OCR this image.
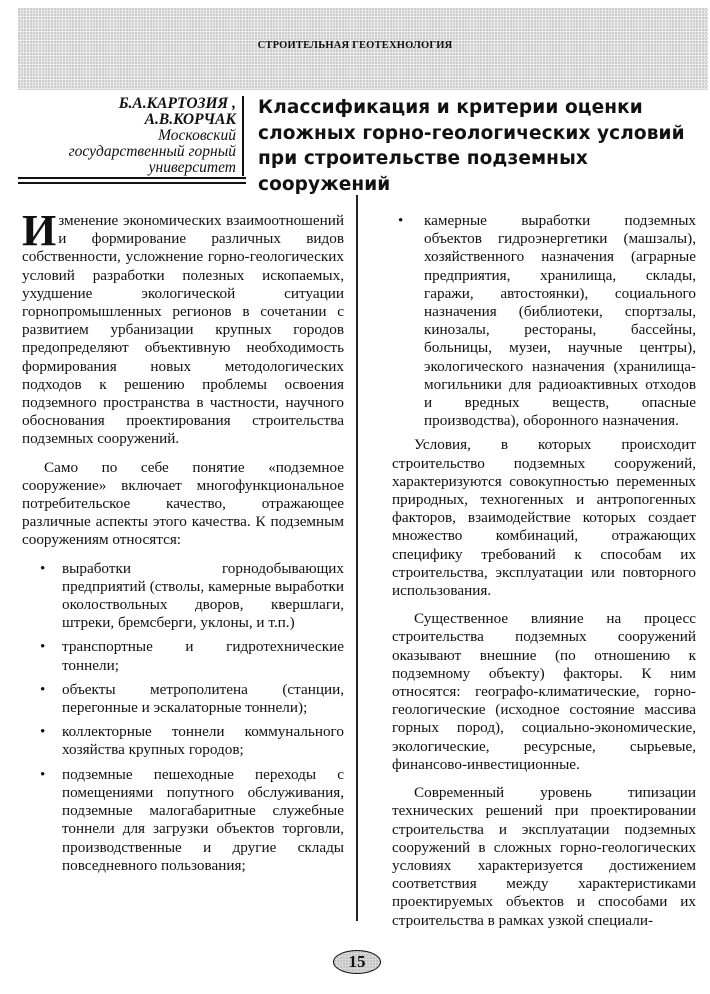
СТРОИТЕЛЬНАЯ ГЕОТЕХНОЛОГИЯ
Б.А.КАРТОЗИЯ ,
А.В.КОРЧАК
Московский
государственный горный
университет
Классификация и критерии оценки
сложных горно-геологических условий
при строительстве подземных
сооружений

Изменение экономических взаимоотношений и формирование различных видов собственности, усложнение горно-геологических условий разработки полезных ископаемых, ухудшение экологической ситуации горнопромышленных регионов в сочетании с развитием урбанизации крупных городов предопределяют объективную необходимость формирования новых методологических подходов к решению проблемы освоения подземного пространства в частности, научного обоснования проектирования строительства подземных сооружений.

Само по себе понятие «подземное сооружение» включает многофункциональное потребительское качество, отражающее различные аспекты этого качества. К подземным сооружениям относятся:

• выработки горнодобывающих предприятий (стволы, камерные выработки околоствольных дворов, квершлаги, штреки, бремсберги, уклоны, и т.п.)
• транспортные и гидротехнические тоннели;
• объекты метрополитена (станции, перегонные и эскалаторные тоннели);
• коллекторные тоннели коммунального хозяйства крупных городов;
• подземные пешеходные переходы с помещениями попутного обслуживания, подземные малогабаритные служебные тоннели для загрузки объектов торговли, производственные и другие склады повседневного пользования;
• камерные выработки подземных объектов гидроэнергетики (машзалы), хозяйственного назначения (аграрные предприятия, хранилища, склады, гаражи, автостоянки), социального назначения (библиотеки, спортзалы, кинозалы, рестораны, бассейны, больницы, музеи, научные центры), экологического назначения (хранилища-могильники для радиоактивных отходов и вредных веществ, опасные производства), оборонного назначения.

Условия, в которых происходит строительство подземных сооружений, характеризуются совокупностью переменных природных, техногенных и антропогенных факторов, взаимодействие которых создает множество комбинаций, отражающих специфику требований к способам их строительства, эксплуатации или повторного использования.

Существенное влияние на процесс строительства подземных сооружений оказывают внешние (по отношению к подземному объекту) факторы. К ним относятся: географо-климатические, горно-геологические (исходное состояние массива горных пород), социально-экономические, экологические, ресурсные, сырьевые, финансово-инвестиционные.

Современный уровень типизации технических решений при проектировании строительства и эксплуатации подземных сооружений в сложных горно-геологических условиях характеризуется достижением соответствия между характеристиками проектируемых объектов и способами их строительства в рамках узкой специали-

15
